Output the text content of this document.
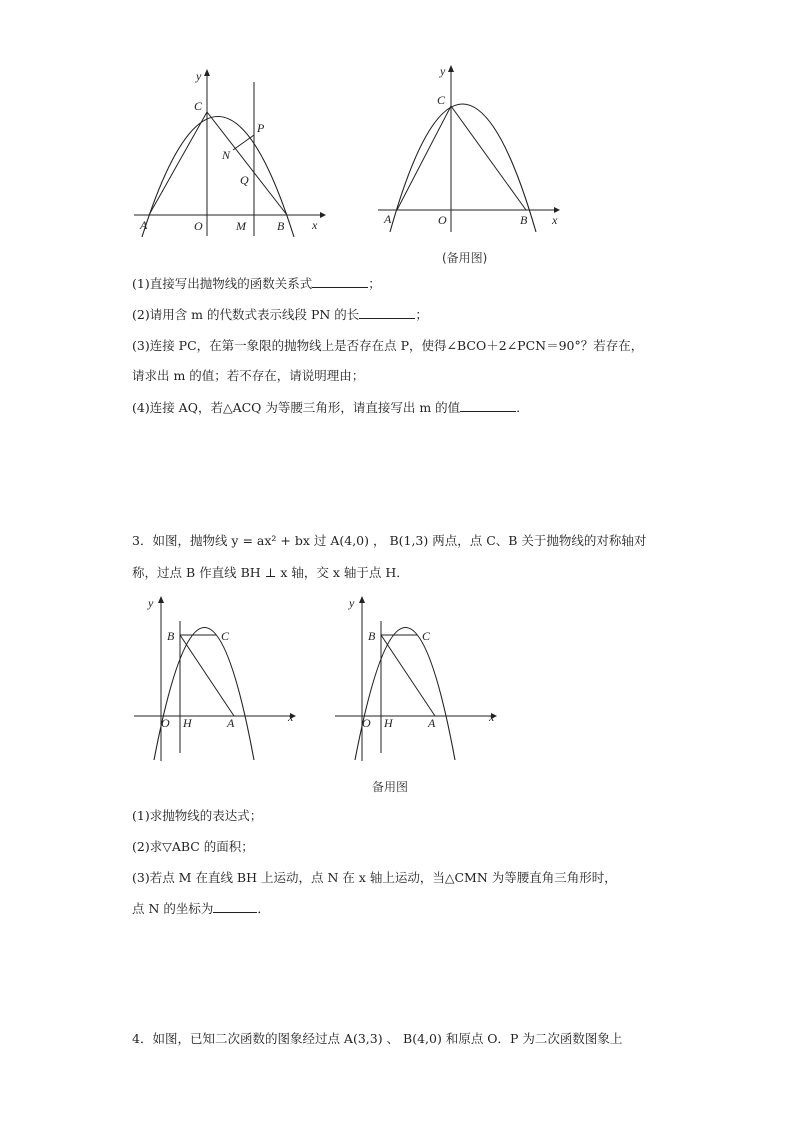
y
x
C
P
N
Q
A	O	M	B
y
x
C
A	O	B
(备用图)
(1)直接写出抛物线的函数关系式	；
(2)请用含 m 的代数式表示线段 PN 的长	；
(3)连接 PC，在第一象限的抛物线上是否存在点 P，使得∠BCO＋2∠PCN＝90°？若存在，
请求出 m 的值；若不存在，请说明理由；
(4)连接 AQ，若△ACQ 为等腰三角形，请直接写出 m 的值	．
3．如图，抛物线 y = ax² + bx 过 A(4,0) ， B(1,3) 两点，点 C、B 关于抛物线的对称轴对
称，过点 B 作直线 BH ⊥ x 轴，交 x 轴于点 H．
y
x
B	C
O H	A
y
x
B	C
O H	A
备用图
(1)求抛物线的表达式；
(2)求▽ABC 的面积；
(3)若点 M 在直线 BH 上运动，点 N 在 x 轴上运动，当△CMN 为等腰直角三角形时，
点 N 的坐标为	．
4．如图，已知二次函数的图象经过点 A(3,3) 、 B(4,0) 和原点 O．P 为二次函数图象上
